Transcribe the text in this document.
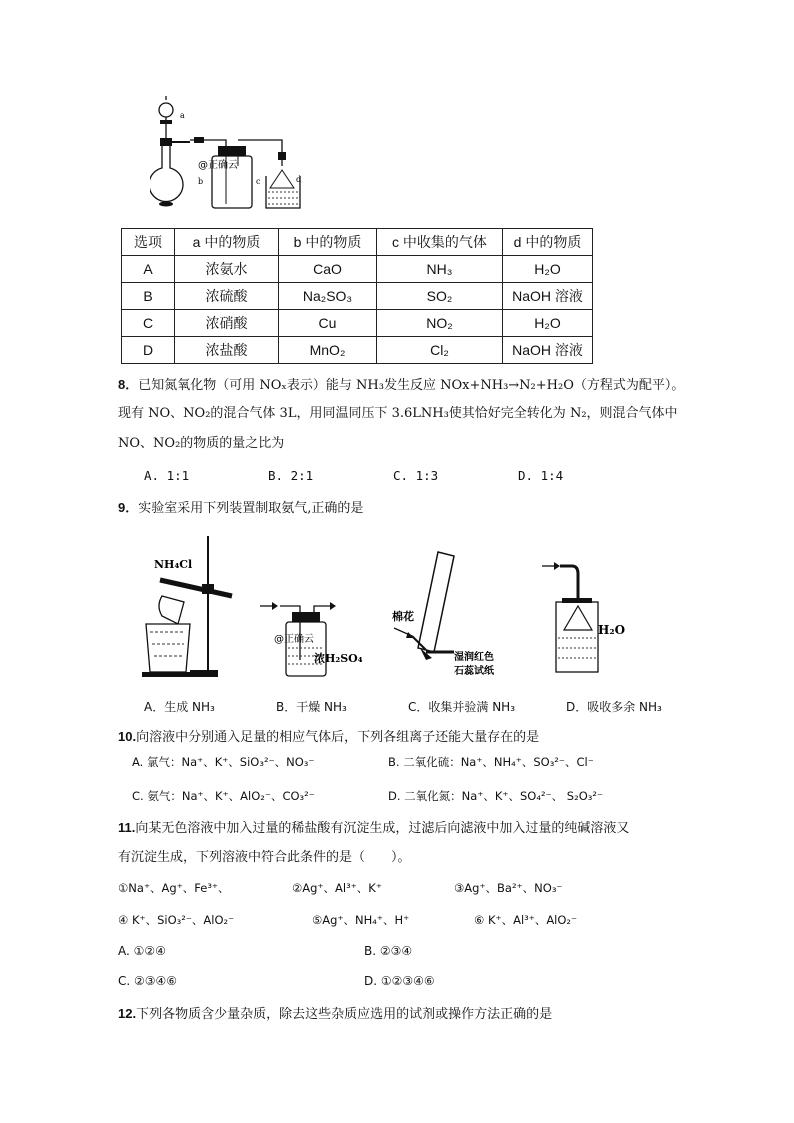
a
b	c	d
@正确云
选项	a 中的物质	b 中的物质	c 中收集的气体	d 中的物质
A	浓氨水	CaO	NH₃	H₂O
B	浓硫酸	Na₂SO₃	SO₂	NaOH 溶液
C	浓硝酸	Cu	NO₂	H₂O
D	浓盐酸	MnO₂	Cl₂	NaOH 溶液
8．已知氮氧化物（可用 NOₓ表示）能与 NH₃发生反应 NOx+NH₃→N₂+H₂O（方程式为配平）。
现有 NO、NO₂的混合气体 3L，用同温同压下 3.6LNH₃使其恰好完全转化为 N₂，则混合气体中
NO、NO₂的物质的量之比为
A. 1:1	B. 2:1	C. 1:3	D. 1:4
9．实验室采用下列装置制取氨气,正确的是
NH₄Cl
@正确云
浓H₂SO₄
棉花
湿润红色
石蕊试纸
H₂O
A．生成 NH₃	B．干燥 NH₃	C．收集并验满 NH₃	D．吸收多余 NH₃
10.向溶液中分别通入足量的相应气体后，下列各组离子还能大量存在的是
A. 氯气：Na⁺、K⁺、SiO₃²⁻、NO₃⁻	B. 二氧化硫：Na⁺、NH₄⁺、SO₃²⁻、Cl⁻
C. 氨气：Na⁺、K⁺、AlO₂⁻、CO₃²⁻	D. 二氧化氮：Na⁺、K⁺、SO₄²⁻、 S₂O₃²⁻
11.向某无色溶液中加入过量的稀盐酸有沉淀生成，过滤后向滤液中加入过量的纯碱溶液又
有沉淀生成，下列溶液中符合此条件的是（　　）。
①Na⁺、Ag⁺、Fe³⁺、	②Ag⁺、Al³⁺、K⁺	③Ag⁺、Ba²⁺、NO₃⁻
④ K⁺、SiO₃²⁻、AlO₂⁻	⑤Ag⁺、NH₄⁺、H⁺	⑥ K⁺、Al³⁺、AlO₂⁻
A. ①②④	B. ②③④
C. ②③④⑥	D. ①②③④⑥
12.下列各物质含少量杂质，除去这些杂质应选用的试剂或操作方法正确的是
